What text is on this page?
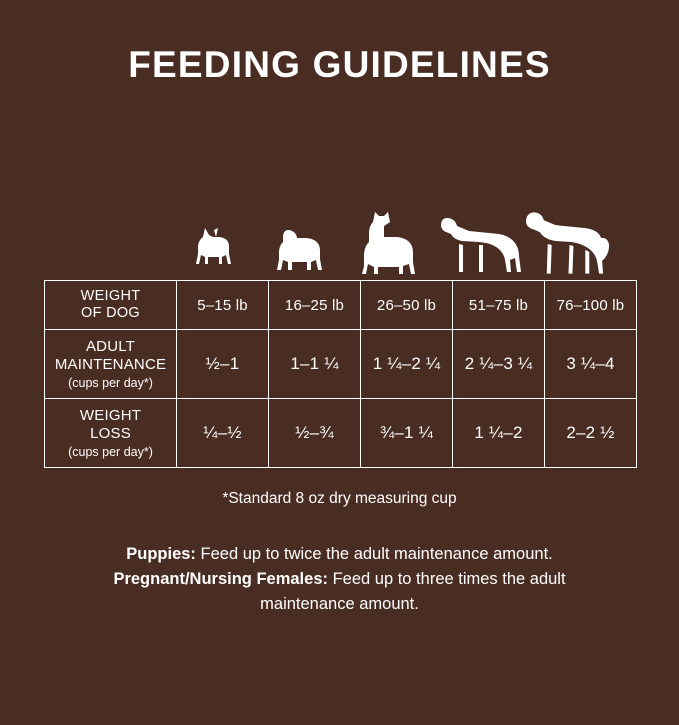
FEEDING GUIDELINES
WEIGHT
OF DOG	5–15 lb	16–25 lb	26–50 lb	51–75 lb	76–100 lb
ADULT
MAINTENANCE
(cups per day*)	½–1	1–1 ¼	1 ¼–2 ¼	2 ¼–3 ¼	3 ¼–4
WEIGHT
LOSS
(cups per day*)	¼–½	½–¾	¾–1 ¼	1 ¼–2	2–2 ½
*Standard 8 oz dry measuring cup

Puppies: Feed up to twice the adult maintenance amount.

Pregnant/Nursing Females: Feed up to three times the adult

maintenance amount.
